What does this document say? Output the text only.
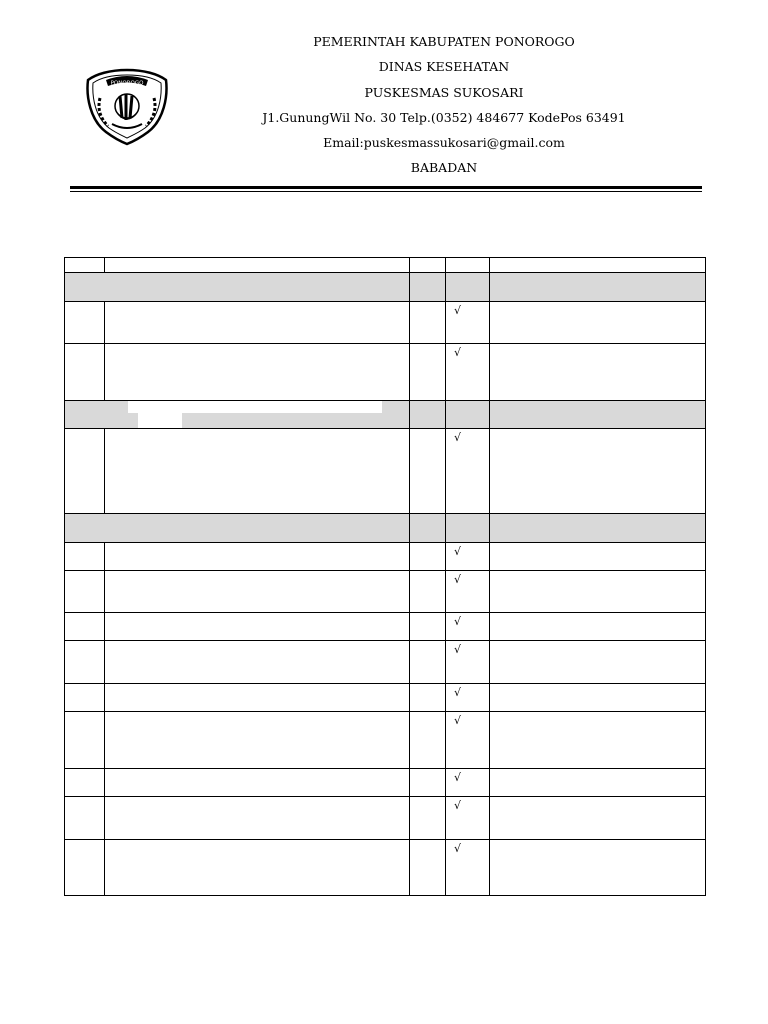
PONOROGO
PEMERINTAH KABUPATEN PONOROGO
DINAS KESEHATAN
PUSKESMAS SUKOSARI
J1.GunungWil No. 30 Telp.(0352) 484677 KodePos 63491
Email:puskesmassukosari@gmail.com
BABADAN

			√	
			√	

			√	

			√	
			√	
			√	
			√	
			√	
			√	
			√	
			√	
			√	
